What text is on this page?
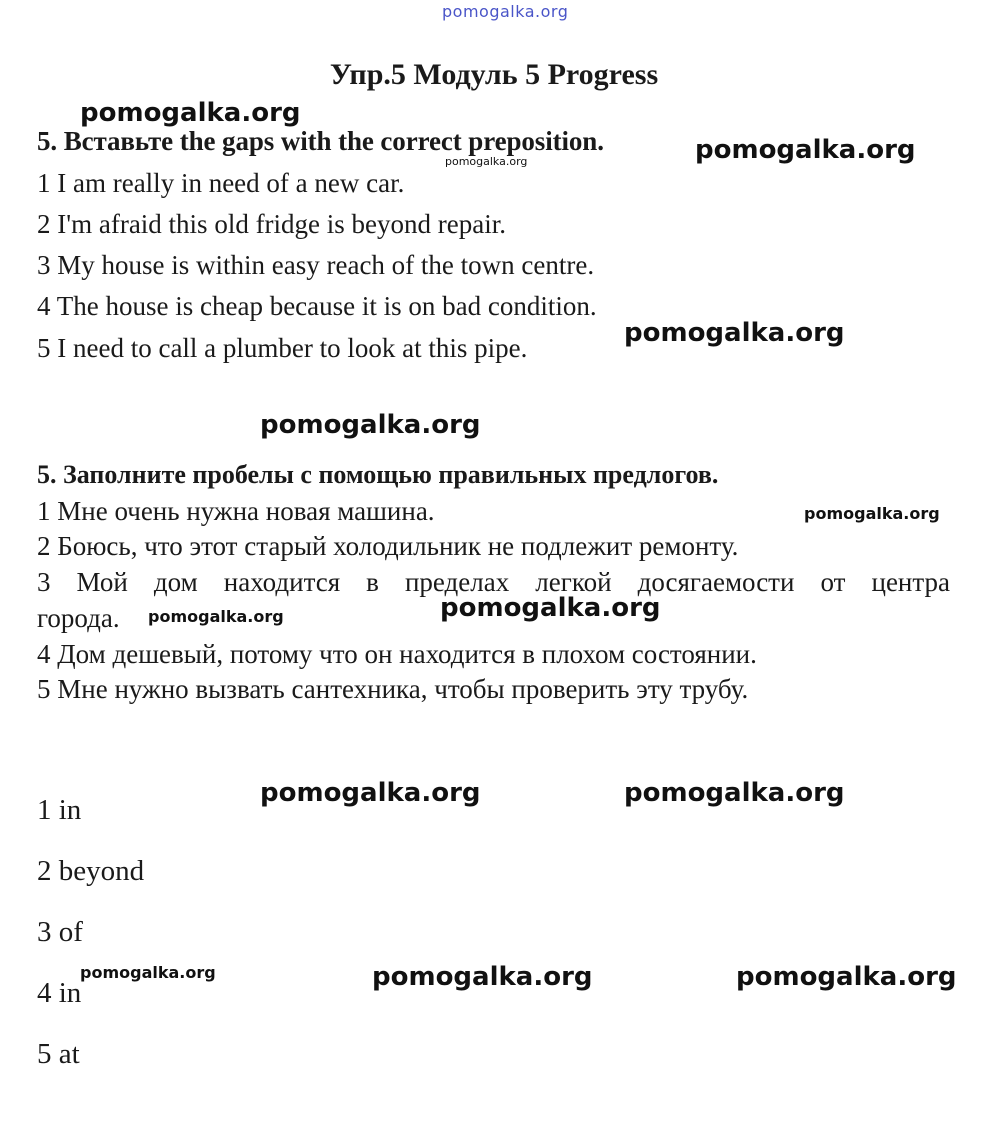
pomogalka.org
Упр.5 Модуль 5 Progress
5. Вставьте the gaps with the correct preposition.
1 I am really in need of a new car.
2 I'm afraid this old fridge is beyond repair.
3 My house is within easy reach of the town centre.
4 The house is cheap because it is on bad condition.
5 I need to call a plumber to look at this pipe.
5. Заполните пробелы с помощью правильных предлогов.
1 Мне очень нужна новая машина.
2 Боюсь, что этот старый холодильник не подлежит ремонту.
3 Мой дом находится в пределах легкой досягаемости от центра
города.
4 Дом дешевый, потому что он находится в плохом состоянии.
5 Мне нужно вызвать сантехника, чтобы проверить эту трубу.
1 in
2 beyond
3 of
4 in
5 at
pomogalka.org
pomogalka.org	pomogalka.org
pomogalka.org
pomogalka.org
pomogalka.org
pomogalka.org
pomogalka.org
pomogalka.org	pomogalka.org
pomogalka.org	pomogalka.org	pomogalka.org
